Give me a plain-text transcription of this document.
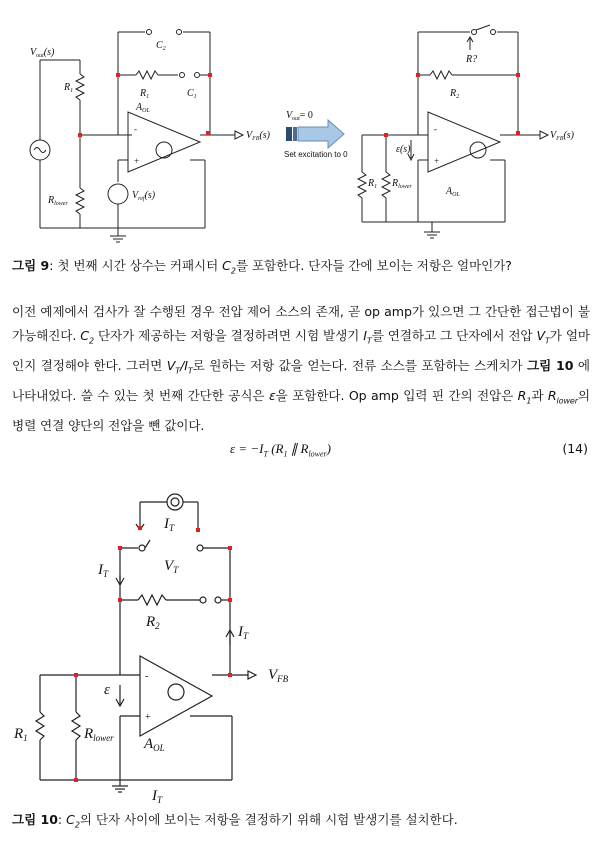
$V_{out}(s)$
$R_1$	$R_1$
$C_2$
$C_1$
$A_{OL}$
$V_{FB}(s)$
$R_{lower}$
$V_{ref}(s)$
-
+
$V_{out}= 0$
Set excitation to 0
R?
$R_2$
ε(s)
$R_1$ $R_{lower}$	$A_{OL}$
$V_{FB}(s)$
-
+
그림 9: 첫 번째 시간 상수는 커패시터 $C_2$를 포함한다. 단자들 간에 보이는 저항은 얼마인가?
이전 예제에서 검사가 잘 수행된 경우 전압 제어 소스의 존재, 곧 op amp가 있으면 그 간단한 접근법이 불가능해진다. $C_2$ 단자가 제공하는 저항을 결정하려면 시험 발생기 $I_T$를 연결하고 그 단자에서 전압 $V_T$가 얼마인지 결정해야 한다. 그러면 $V_T/I_T$로 원하는 저항 값을 얻는다. 전류 소스를 포함하는 스케치가 그림 10 에 나타내었다. 쓸 수 있는 첫 번째 간단한 공식은 ε을 포함한다. Op amp 입력 핀 간의 전압은 $R_1$과 $R_{lower}$의 병렬 연결 양단의 전압을 뺀 값이다.
$\varepsilon = -I_T$ ($R_1$ ∥ $R_{lower}$)	(14)
$I_T$
$V_T$
$I_T$
$R_2$	$I_T$
$V_{FB}$
ε
$R_1$	$R_{lower}$ $A_{OL}$
$I_T$
-
+
그림 10: $C_2$의 단자 사이에 보이는 저항을 결정하기 위해 시험 발생기를 설치한다.
